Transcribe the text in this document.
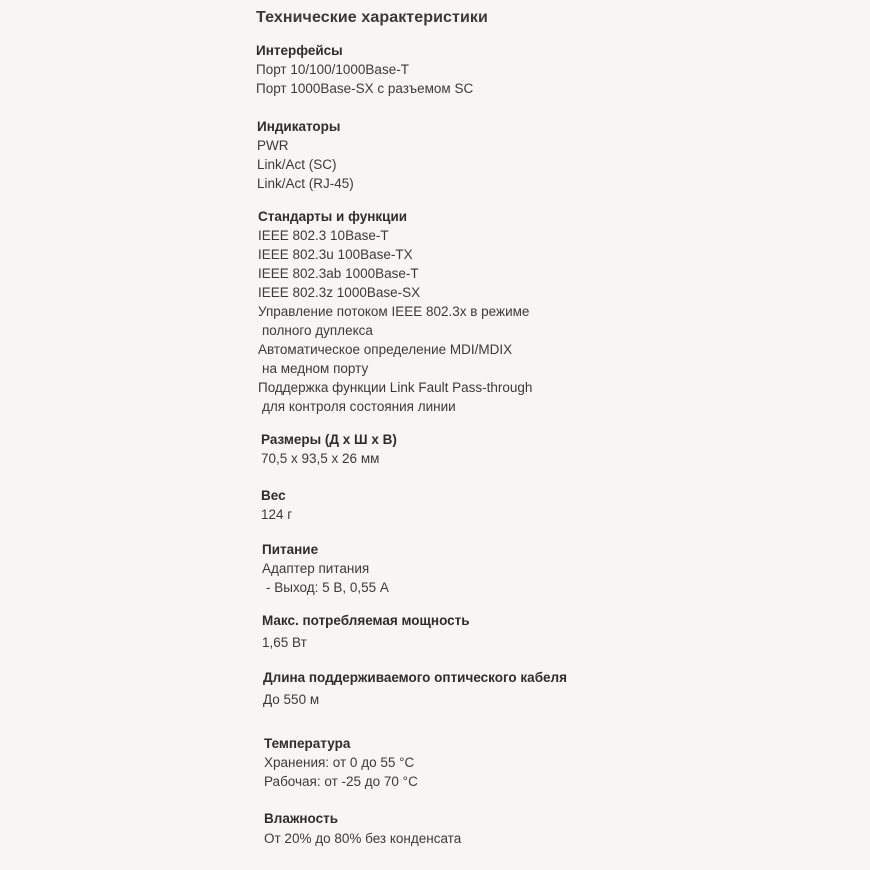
Технические характеристики
Интерфейсы
Порт 10/100/1000Base-T
Порт 1000Base-SX с разъемом SC
Индикаторы
PWR
Link/Act (SC)
Link/Act (RJ-45)
Стандарты и функции
IEEE 802.3 10Base-T
IEEE 802.3u 100Base-TX
IEEE 802.3ab 1000Base-T
IEEE 802.3z 1000Base-SX
Управление потоком IEEE 802.3x в режиме
полного дуплекса
Автоматическое определение MDI/MDIX
на медном порту
Поддержка функции Link Fault Pass-through
для контроля состояния линии
Размеры (Д х Ш х В)
70,5 х 93,5 х 26 мм
Вес
124 г
Питание
Адаптер питания
- Выход: 5 В, 0,55 А
Макс. потребляемая мощность
1,65 Вт
Длина поддерживаемого оптического кабеля
До 550 м
Температура
Хранения: от 0 до 55 °C
Рабочая: от -25 до 70 °C
Влажность
От 20% до 80% без конденсата
